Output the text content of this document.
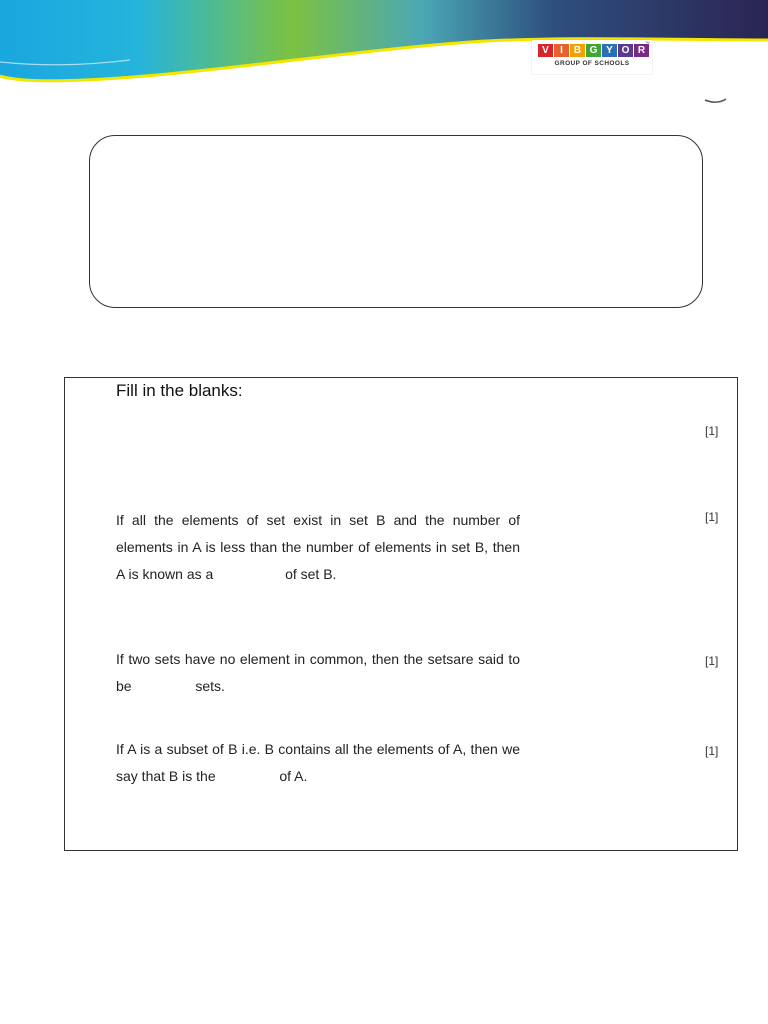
V	I	B G Y O R
™
GROUP OF SCHOOLS
Fill in the blanks:
[1]

If all the elements of set exist in set B and the number of elements in A is less than the number of elements in set B, then A is known as a	of set B.

[1]

If two sets have no element in common, then the setsare said to be	sets.

[1]

If A is a subset of B i.e. B contains all the elements of A, then we say that B is the	of A.

[1]
